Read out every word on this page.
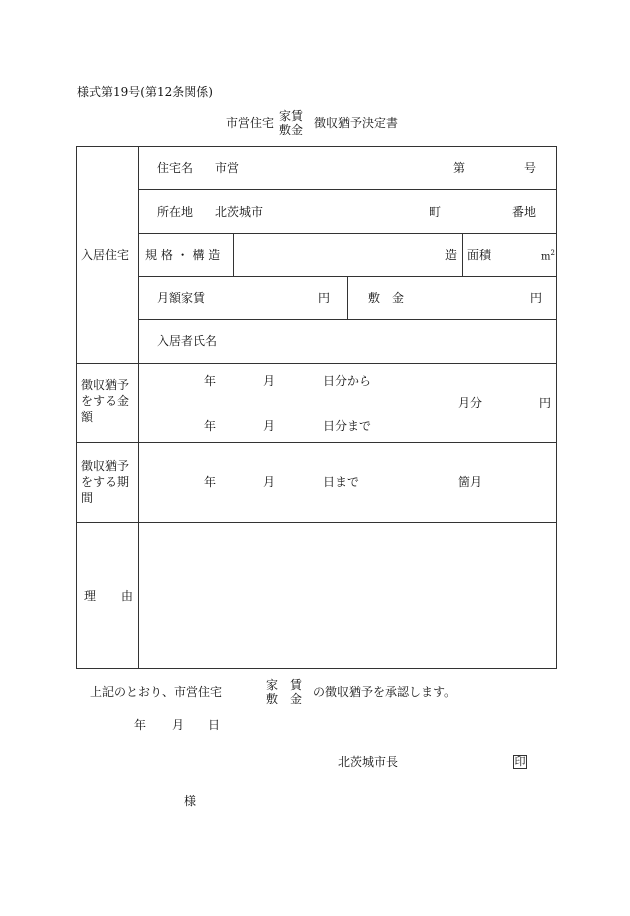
様式第19号(第12条関係)
市営住宅 家賃
敷金 徴収猶予決定書
入居住宅
住宅名 市営	第	号
所在地 北茨城市	町	番地
規 格 ・ 構 造	造 面積	$m^2$
月額家賃	円	敷　金	円
入居者氏名
徴収猶予
をする金
額
年	月	日分から
年	月	日分まで
月分	円
徴収猶予
をする期
間
年	月	日まで	箇月
理 由
上記のとおり、市営住宅	家　賃
敷　金 の徴収猶予を承認します。
年 月 日
北茨城市長	印
様
